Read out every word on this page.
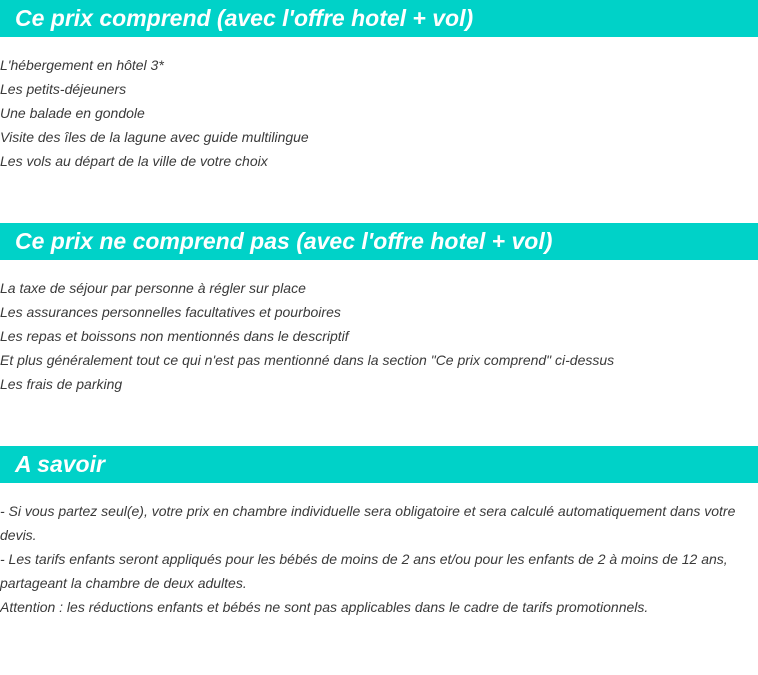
Ce prix comprend (avec l'offre hotel + vol)
L'hébergement en hôtel 3*
Les petits-déjeuners
Une balade en gondole
Visite des îles de la lagune avec guide multilingue
Les vols au départ de la ville de votre choix
Ce prix ne comprend pas (avec l'offre hotel + vol)
La taxe de séjour par personne à régler sur place
Les assurances personnelles facultatives et pourboires
Les repas et boissons non mentionnés dans le descriptif
Et plus généralement tout ce qui n'est pas mentionné dans la section "Ce prix comprend" ci-dessus
Les frais de parking
A savoir

- Si vous partez seul(e), votre prix en chambre individuelle sera obligatoire et sera calculé automatiquement dans votre devis.

- Les tarifs enfants seront appliqués pour les bébés de moins de 2 ans et/ou pour les enfants de 2 à moins de 12 ans, partageant la chambre de deux adultes.

Attention : les réductions enfants et bébés ne sont pas applicables dans le cadre de tarifs promotionnels.
